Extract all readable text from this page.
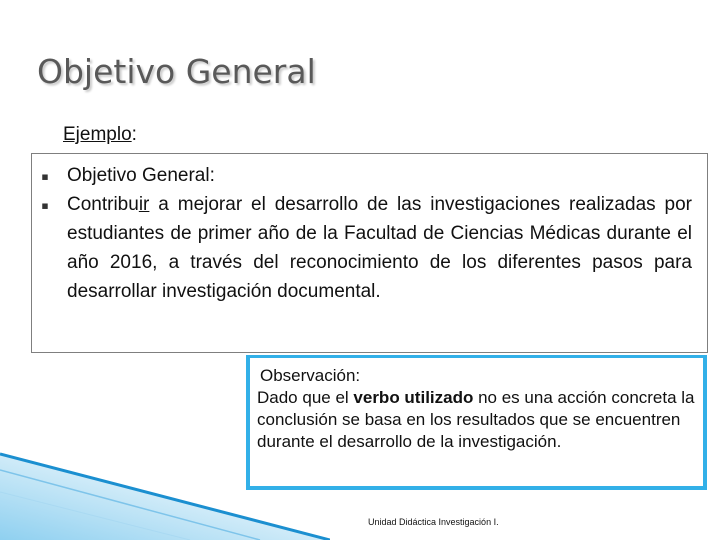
Objetivo General
Ejemplo:
▪ Objetivo General:
▪ Contribuir a mejorar el desarrollo de las investigaciones realizadas por estudiantes de primer año de la Facultad de Ciencias Médicas durante el año 2016, a través del reconocimiento de los diferentes pasos para desarrollar investigación documental.
Observación:
Dado que el verbo utilizado no es una acción concreta la conclusión se basa en los resultados que se encuentren durante el desarrollo de la investigación.
Unidad Didáctica Investigación I.
